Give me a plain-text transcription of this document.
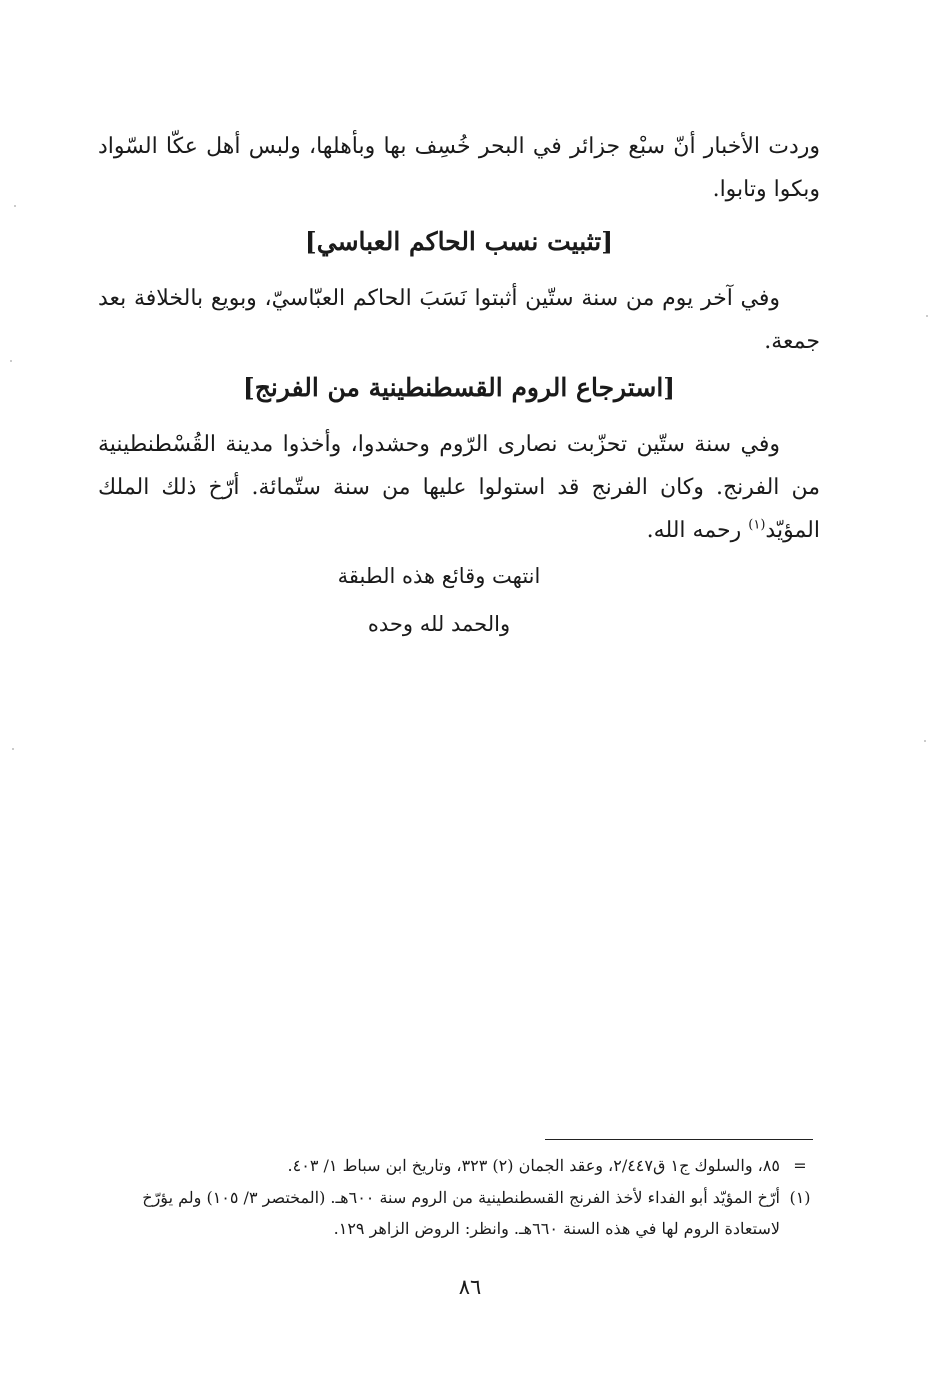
وردت الأخبار أنّ سبْع جزائر في البحر خُسِف بها وبأهلها، ولبس أهل عكّا السّواد وبكوا وتابوا.

[تثبيت نسب الحاكم العباسي]

وفي آخر يوم من سنة ستّين أثبتوا نَسَبَ الحاكم العبّاسيّ، وبويع بالخلافة بعد جمعة.

[استرجاع الروم القسطنطينية من الفرنج]

وفي سنة ستّين تحزّبت نصارى الرّوم وحشدوا، وأخذوا مدينة القُسْطنطينية من الفرنج. وكان الفرنج قد استولوا عليها من سنة ستّمائة. أرّخ ذلك الملك المؤيّد$^{(١)}$ رحمه الله.

انتهت وقائع هذه الطبقة
والحمد لله وحده
=
٨٥، والسلوك ج١ ق٢/٤٤٧، وعقد الجمان (٢) ٣٢٣، وتاريخ ابن سباط ١/ ٤٠٣.
(١)
أرّخ المؤيّد أبو الفداء لأخذ الفرنج القسطنطينية من الروم سنة ٦٠٠هـ. (المختصر ٣/ ١٠٥) ولم يؤرّخ لاستعادة الروم لها في هذه السنة ٦٦٠هـ. وانظر: الروض الزاهر ١٢٩.
٨٦
